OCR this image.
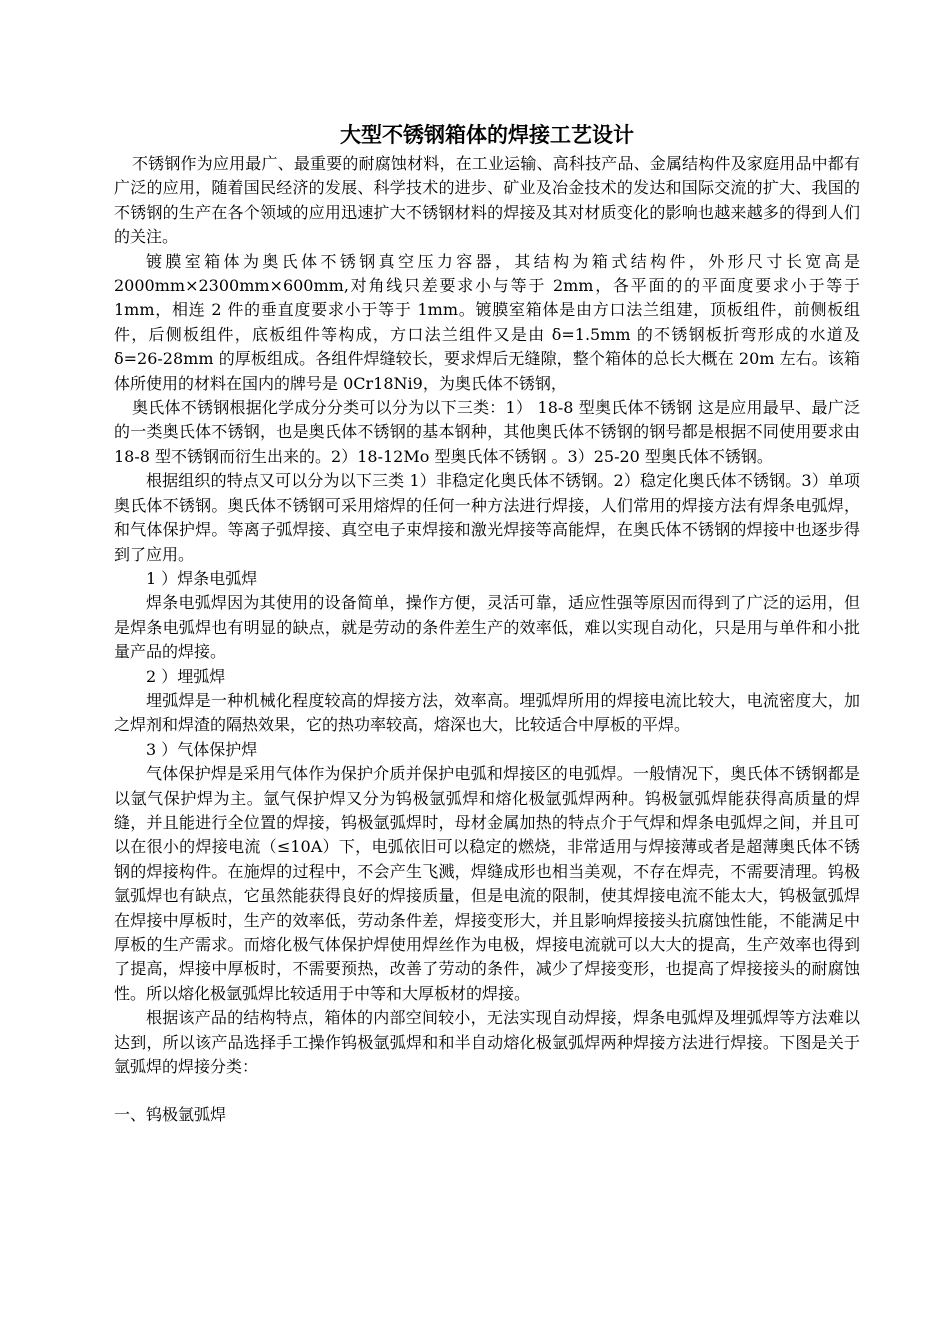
大型不锈钢箱体的焊接工艺设计

不锈钢作为应用最广、最重要的耐腐蚀材料，在工业运输、高科技产品、金属结构件及家庭用品中都有广泛的应用，随着国民经济的发展、科学技术的进步、矿业及冶金技术的发达和国际交流的扩大、我国的不锈钢的生产在各个领域的应用迅速扩大不锈钢材料的焊接及其对材质变化的影响也越来越多的得到人们的关注。

镀膜室箱体为奥氏体不锈钢真空压力容器，其结构为箱式结构件，外形尺寸长宽高是2000mm×2300mm×600mm,对角线只差要求小与等于 2mm，各平面的的平面度要求小于等于 1mm，相连 2 件的垂直度要求小于等于 1mm。镀膜室箱体是由方口法兰组建，顶板组件，前侧板组件，后侧板组件，底板组件等构成，方口法兰组件又是由 δ=1.5mm 的不锈钢板折弯形成的水道及 δ=26-28mm 的厚板组成。各组件焊缝较长，要求焊后无缝隙，整个箱体的总长大概在 20m 左右。该箱体所使用的材料在国内的牌号是 0Cr18Ni9，为奥氏体不锈钢，

奥氏体不锈钢根据化学成分分类可以分为以下三类：1） 18-8 型奥氏体不锈钢 这是应用最早、最广泛的一类奥氏体不锈钢，也是奥氏体不锈钢的基本钢种，其他奥氏体不锈钢的钢号都是根据不同使用要求由 18-8 型不锈钢而衍生出来的。2）18-12Mo 型奥氏体不锈钢 。3）25-20 型奥氏体不锈钢。

根据组织的特点又可以分为以下三类 1）非稳定化奥氏体不锈钢。2）稳定化奥氏体不锈钢。3）单项奥氏体不锈钢。奥氏体不锈钢可采用熔焊的任何一种方法进行焊接，人们常用的焊接方法有焊条电弧焊，和气体保护焊。等离子弧焊接、真空电子束焊接和激光焊接等高能焊，在奥氏体不锈钢的焊接中也逐步得到了应用。

1 ）焊条电弧焊

焊条电弧焊因为其使用的设备简单，操作方便，灵活可靠，适应性强等原因而得到了广泛的运用，但是焊条电弧焊也有明显的缺点，就是劳动的条件差生产的效率低，难以实现自动化，只是用与单件和小批量产品的焊接。

2 ）埋弧焊

埋弧焊是一种机械化程度较高的焊接方法，效率高。埋弧焊所用的焊接电流比较大，电流密度大，加之焊剂和焊渣的隔热效果，它的热功率较高，熔深也大，比较适合中厚板的平焊。

3 ）气体保护焊

气体保护焊是采用气体作为保护介质并保护电弧和焊接区的电弧焊。一般情况下，奥氏体不锈钢都是以氩气保护焊为主。氩气保护焊又分为钨极氩弧焊和熔化极氩弧焊两种。钨极氩弧焊能获得高质量的焊缝，并且能进行全位置的焊接，钨极氩弧焊时，母材金属加热的特点介于气焊和焊条电弧焊之间，并且可以在很小的焊接电流（≤10A）下，电弧依旧可以稳定的燃烧，非常适用与焊接薄或者是超薄奥氏体不锈钢的焊接构件。在施焊的过程中，不会产生飞溅，焊缝成形也相当美观，不存在焊壳，不需要清理。钨极氩弧焊也有缺点，它虽然能获得良好的焊接质量，但是电流的限制，使其焊接电流不能太大，钨极氩弧焊在焊接中厚板时，生产的效率低，劳动条件差，焊接变形大，并且影响焊接接头抗腐蚀性能，不能满足中厚板的生产需求。而熔化极气体保护焊使用焊丝作为电极，焊接电流就可以大大的提高，生产效率也得到了提高，焊接中厚板时，不需要预热，改善了劳动的条件，减少了焊接变形，也提高了焊接接头的耐腐蚀性。所以熔化极氩弧焊比较适用于中等和大厚板材的焊接。

根据该产品的结构特点，箱体的内部空间较小，无法实现自动焊接，焊条电弧焊及埋弧焊等方法难以达到，所以该产品选择手工操作钨极氩弧焊和和半自动熔化极氩弧焊两种焊接方法进行焊接。下图是关于氩弧焊的焊接分类：

一、钨极氩弧焊
